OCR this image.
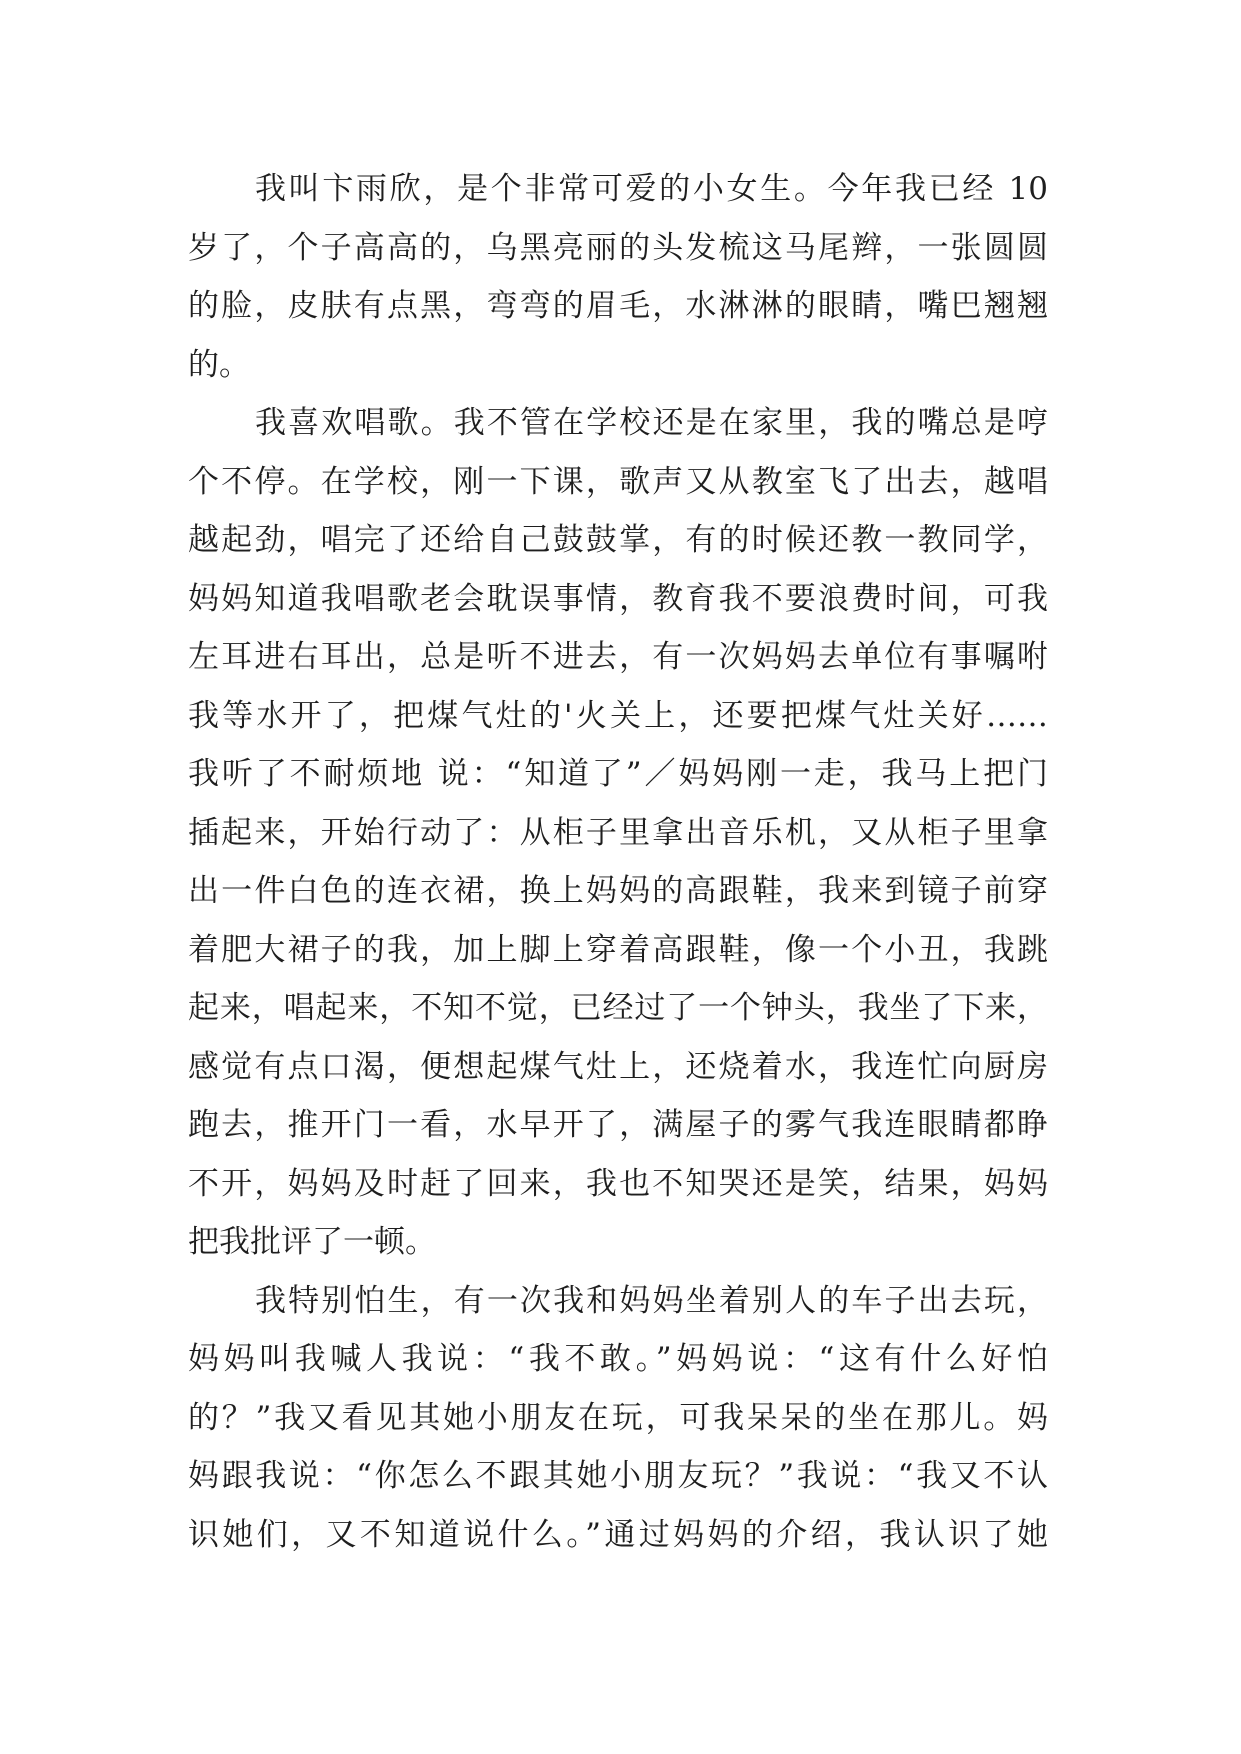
我叫卞雨欣，是个非常可爱的小女生。今年我已经 10
岁了，个子高高的，乌黑亮丽的头发梳这马尾辫，一张圆圆
的脸，皮肤有点黑，弯弯的眉毛，水淋淋的眼睛，嘴巴翘翘
的。
我喜欢唱歌。我不管在学校还是在家里，我的嘴总是哼
个不停。在学校，刚一下课，歌声又从教室飞了出去，越唱
越起劲，唱完了还给自己鼓鼓掌，有的时候还教一教同学，
妈妈知道我唱歌老会耽误事情，教育我不要浪费时间，可我
左耳进右耳出，总是听不进去，有一次妈妈去单位有事嘱咐
我等水开了，把煤气灶的'火关上，还要把煤气灶关好……
我听了不耐烦地 说：“知道了”／妈妈刚一走，我马上把门
插起来，开始行动了：从柜子里拿出音乐机，又从柜子里拿
出一件白色的连衣裙，换上妈妈的高跟鞋，我来到镜子前穿
着肥大裙子的我，加上脚上穿着高跟鞋，像一个小丑，我跳
起来，唱起来，不知不觉，已经过了一个钟头，我坐了下来，
感觉有点口渴，便想起煤气灶上，还烧着水，我连忙向厨房
跑去，推开门一看，水早开了，满屋子的雾气我连眼睛都睁
不开，妈妈及时赶了回来，我也不知哭还是笑，结果，妈妈
把我批评了一顿。
我特别怕生，有一次我和妈妈坐着别人的车子出去玩，
妈妈叫我喊人我说：“我不敢。”妈妈说：“这有什么好怕
的？”我又看见其她小朋友在玩，可我呆呆的坐在那儿。妈
妈跟我说：“你怎么不跟其她小朋友玩？”我说：“我又不认
识她们，又不知道说什么。”通过妈妈的介绍，我认识了她
